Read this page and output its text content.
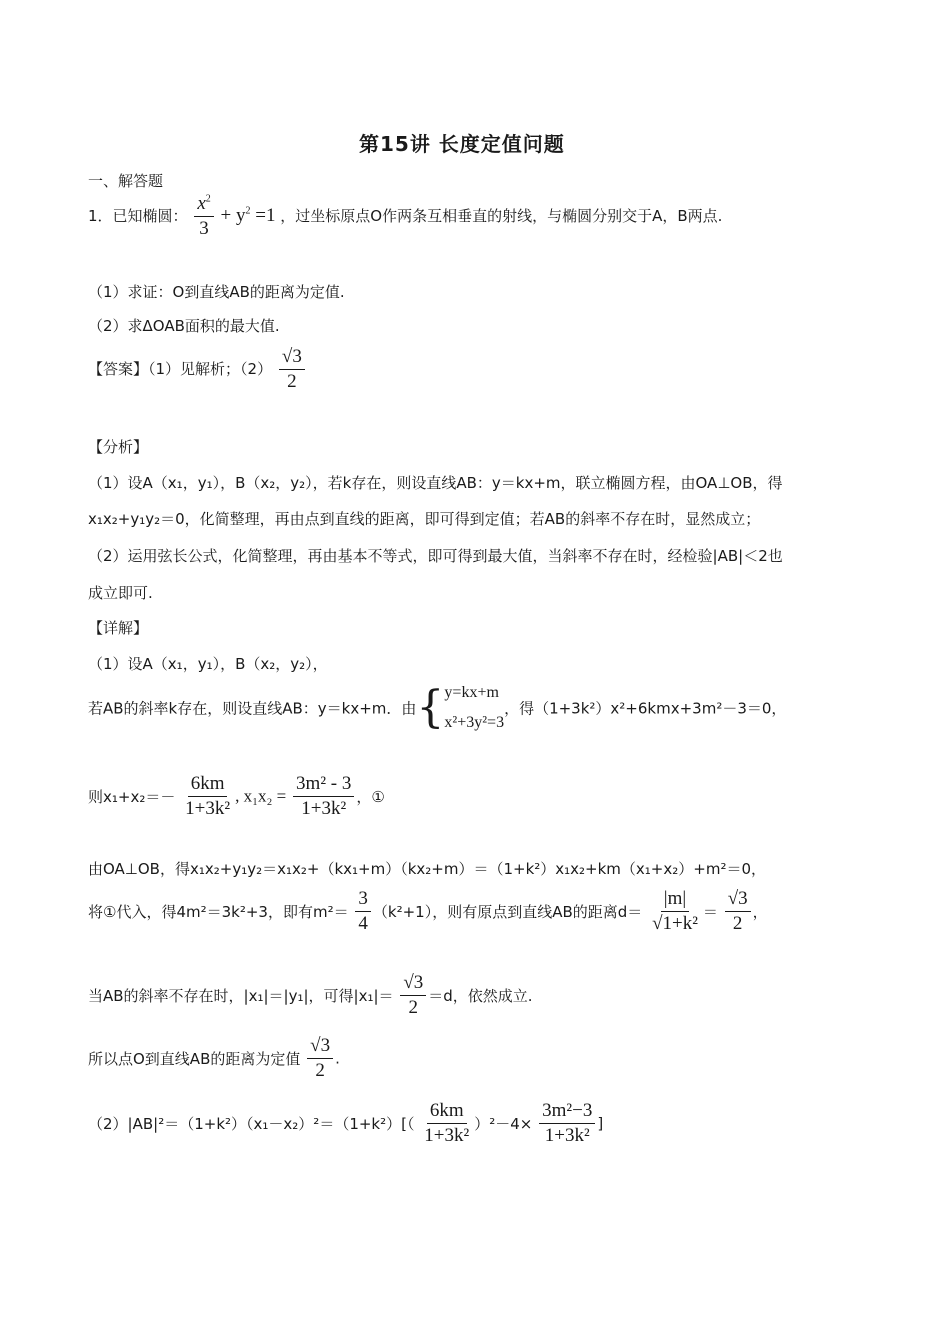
第15讲 长度定值问题
一、解答题
1．已知椭圆： $\frac{x^2}{3} + y^2 =1$ ，过坐标原点O作两条互相垂直的射线，与椭圆分别交于A，B两点.
（1）求证：O到直线AB的距离为定值.
（2）求ΔOAB面积的最大值.
【答案】（1）见解析；$(2) \frac{√3}{2}$
【分析】
（1）设A（x₁，y₁），B（x₂，y₂），若k存在，则设直线AB：y＝kx+m，联立椭圆方程，由OA⊥OB，得
x₁x₂+y₁y₂＝0，化简整理，再由点到直线的距离，即可得到定值；若AB的斜率不存在时，显然成立；
（2）运用弦长公式，化简整理，再由基本不等式，即可得到最大值，当斜率不存在时，经检验|AB|＜2也
成立即可.
【详解】
（1）设A（x₁，y₁），B（x₂，y₂），
若AB的斜率k存在，则设直线AB：y＝kx+m．由{ y=kx+m
x²+3y²=3
，得（1+3k²）x²+6kmx+3m²－3＝0，
则$x_1+x_2=- \frac{6km}{\text{1+3k²}}$ , $x_1x_2 = \frac{\text{3m² - 3}}{\text{1+3k²}}$ ，①
由OA⊥OB，得x₁x₂+y₁y₂＝x₁x₂+（kx₁+m）（kx₂+m）＝（1+k²）x₁x₂+km（x₁+x₂）+m²＝0，
将①代入，得4m²＝3k²+3，即有$m^2= \frac{3}{4} (k^2+1)$，则有原点到直线AB的距离$d= \frac{|m|}{\text{√1+k²}} = \frac{√3}{2}$ ，
当AB的斜率不存在时，|x₁|＝|y₁|，可得$|x_1|= \frac{√3}{2} =d$，依然成立.
所以点O到直线AB的距离为定值 $\frac{√3}{2}$ .
$(2)|AB|^2=(1+k^2)(x_1-x_2)^2=(1+k^2)[( \frac{6km}{\text{1+3k²}} )^2-4\times \frac{\text{3m²−3}}{\text{1+3k²}}$ ]
